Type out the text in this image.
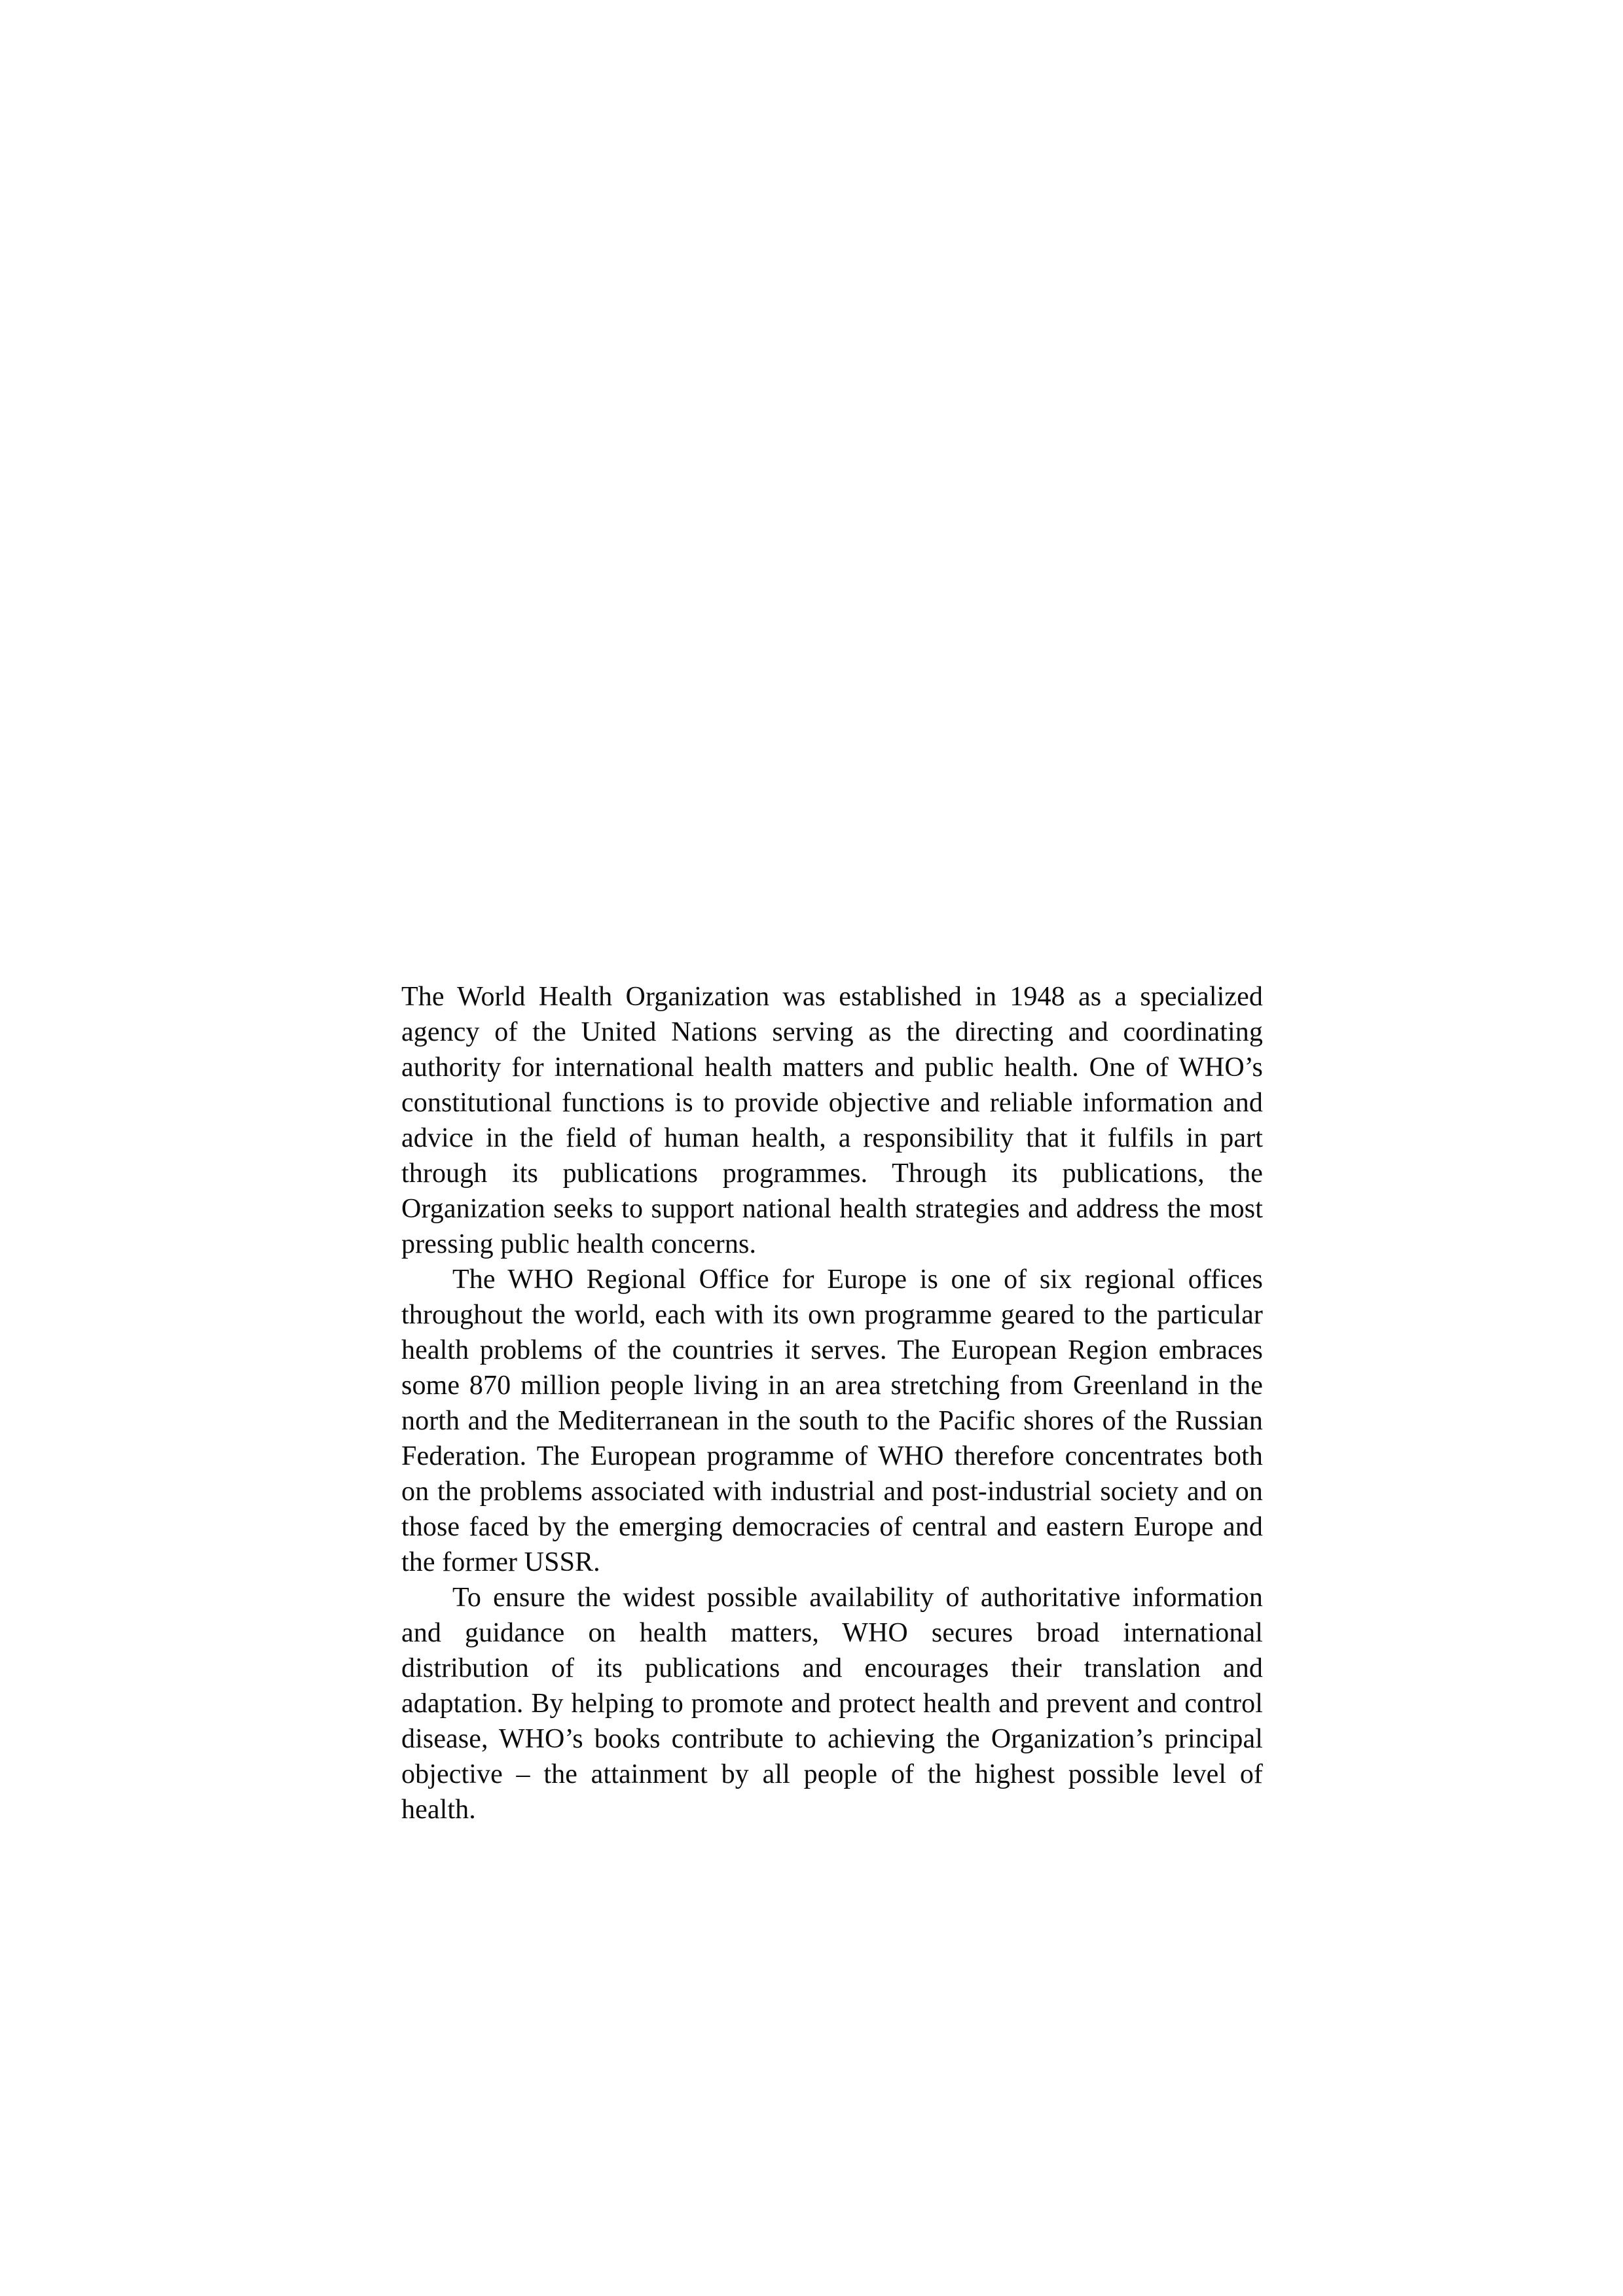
The World Health Organization was established in 1948 as a specialized agency of the United Nations serving as the directing and coordinating authority for international health matters and public health. One of WHO’s constitutional functions is to provide objective and reliable information and advice in the field of human health, a responsibility that it fulfils in part through its publications programmes. Through its publications, the Organization seeks to support national health strategies and address the most pressing public health concerns.

The WHO Regional Office for Europe is one of six regional offices throughout the world, each with its own programme geared to the particular health problems of the countries it serves. The European Region embraces some 870 million people living in an area stretching from Greenland in the north and the Mediterranean in the south to the Pacific shores of the Russian Federation. The European programme of WHO therefore concentrates both on the problems associated with industrial and post-industrial society and on those faced by the emerging democracies of central and eastern Europe and the former USSR.

To ensure the widest possible availability of authoritative information and guidance on health matters, WHO secures broad international distribution of its publications and encourages their translation and adaptation. By helping to promote and protect health and prevent and control disease, WHO’s books contribute to achieving the Organization’s principal objective – the attainment by all people of the highest possible level of health.
